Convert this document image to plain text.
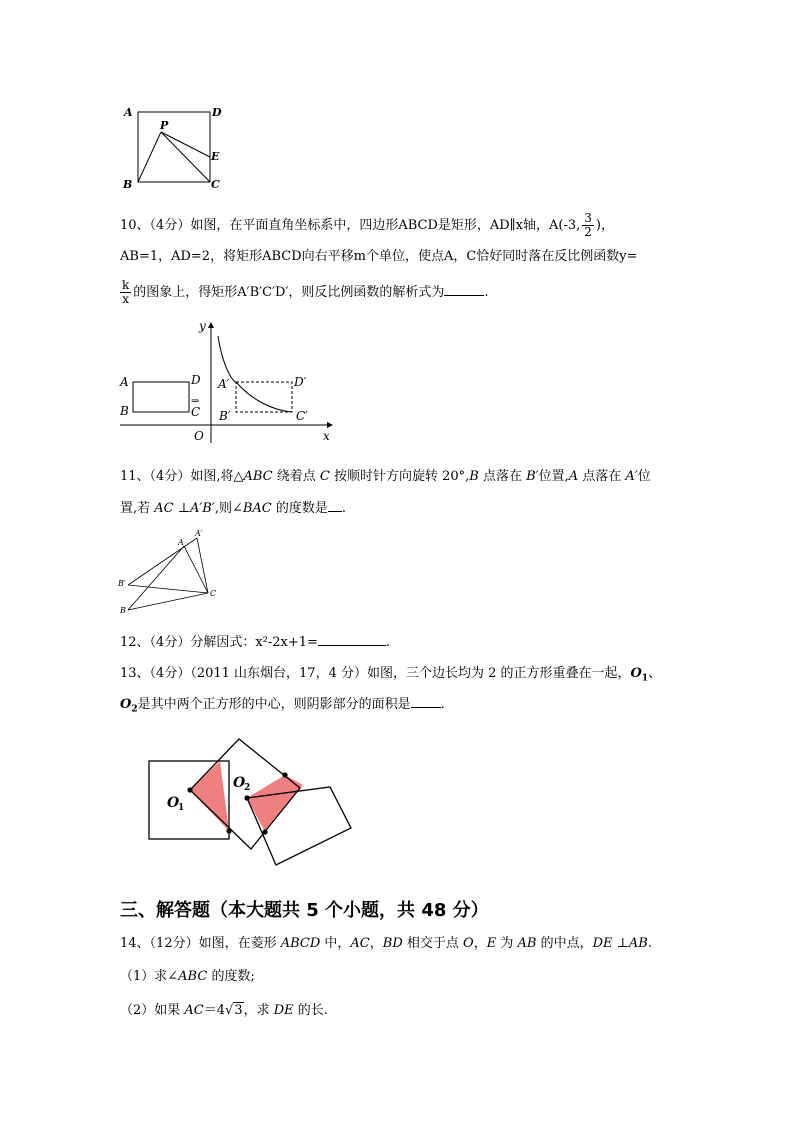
A	D
P
E
B	C
10、（4分）如图，在平面直角坐标系中，四边形ABCD是矩形，AD∥x轴，A(-3, $\frac{3}{2}$ )，
AB=1，AD=2，将矩形ABCD向右平移m个单位，使点A，C恰好同时落在反比例函数y=
$\frac{k}{x}$ 的图象上，得矩形A′B′C′D′，则反比例函数的解析式为	.
y
x
O
A	D
B	C
⇒
A′	D′
B′	C′
11、（4分）如图,将△ABC 绕着点 C 按顺时针方向旋转 20°,B 点落在 B′位置,A 点落在 A′位
置,若 AC ⊥A′B′,则∠BAC 的度数是 .
A
A′
B′
B
C
12、（4分）分解因式：x²-2x+1=	.
13、（4分）（2011 山东烟台，17，4 分）如图，三个边长均为 2 的正方形重叠在一起，$O_1$、
$O_2$是其中两个正方形的中心，则阴影部分的面积是 .
O
1
O
2
三、解答题（本大题共 5 个小题，共 48 分）
14、（12分）如图，在菱形 ABCD 中，AC，BD 相交于点 O，E 为 AB 的中点，DE ⊥AB.
（1）求∠ABC 的度数;
（2）如果 AC＝4√3，求 DE 的长.
